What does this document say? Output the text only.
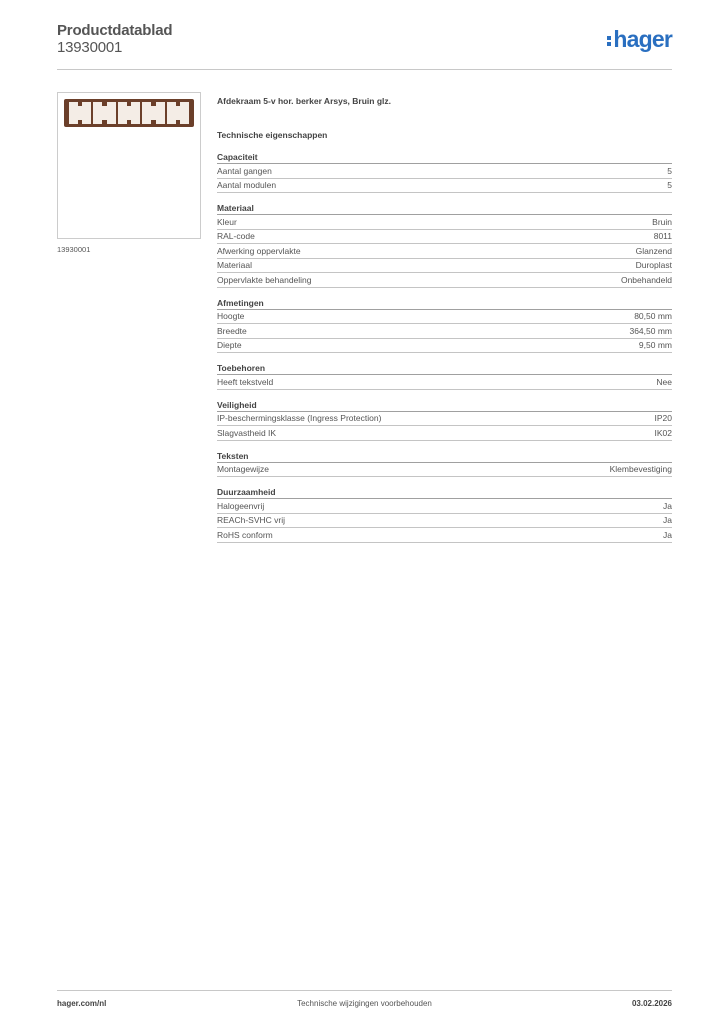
Productdatablad
13930001	hager
13930001
Afdekraam 5-v hor. berker Arsys, Bruin glz.
Technische eigenschappen
Capaciteit
Aantal gangen	5
Aantal modulen	5
Materiaal
Kleur	Bruin
RAL-code	8011
Afwerking oppervlakte	Glanzend
Materiaal	Duroplast
Oppervlakte behandeling	Onbehandeld
Afmetingen
Hoogte	80,50 mm
Breedte	364,50 mm
Diepte	9,50 mm
Toebehoren
Heeft tekstveld	Nee
Veiligheid
IP-beschermingsklasse (Ingress Protection)	IP20
Slagvastheid IK	IK02
Teksten
Montagewijze	Klembevestiging
Duurzaamheid
Halogeenvrij	Ja
REACh-SVHC vrij	Ja
RoHS conform	Ja
hager.com/nl	Technische wijzigingen voorbehouden	03.02.2026
